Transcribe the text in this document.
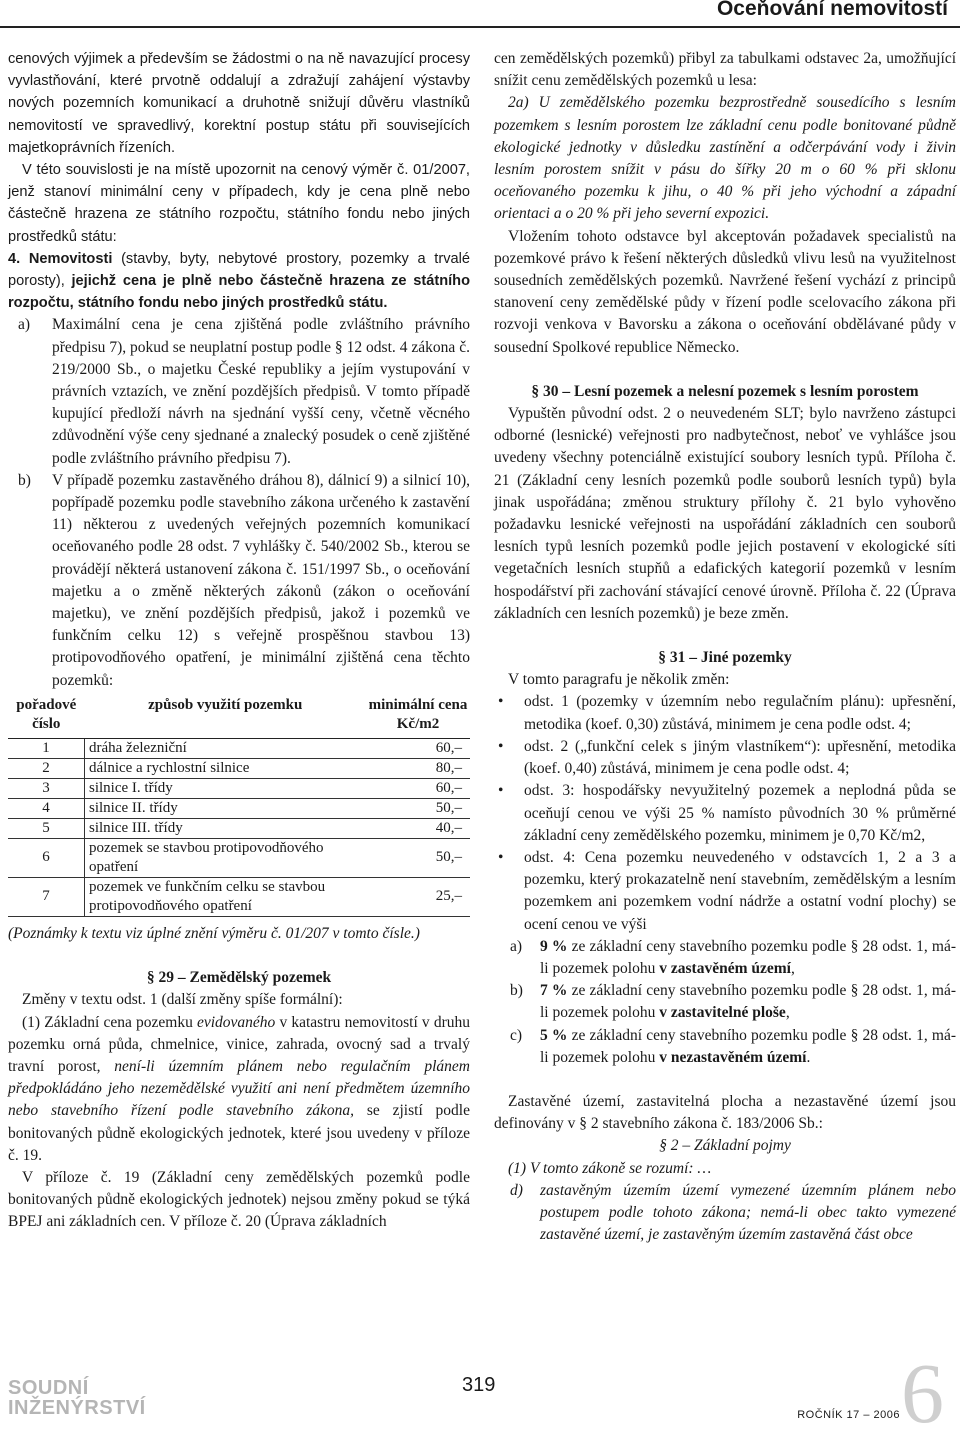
Oceňování nemovitostí

cenových výjimek a především se žádostmi o na ně navazující procesy vyvlastňování, které prvotně oddalují a zdražují zahájení výstavby nových pozemních komunikací a druhotně snižují důvěru vlastníků nemovitostí ve spravedlivý, korektní postup státu při souvisejících majetkoprávních řízeních.

V této souvislosti je na místě upozornit na cenový výměr č. 01/2007, jenž stanoví minimální ceny v případech, kdy je cena plně nebo částečně hrazena ze státního rozpočtu, státního fondu nebo jiných prostředků státu:

4. Nemovitosti (stavby, byty, nebytové prostory, pozemky a trvalé porosty), jejichž cena je plně nebo částečně hrazena ze státního rozpočtu, státního fondu nebo jiných prostředků státu.

a) Maximální cena je cena zjištěná podle zvláštního právního předpisu 7), pokud se neuplatní postup podle § 12 odst. 4 zákona č. 219/2000 Sb., o majetku České republiky a jejím vystupování v právních vztazích, ve znění pozdějších předpisů. V tomto případě kupující předloží návrh na sjednání vyšší ceny, včetně věcného zdůvodnění výše ceny sjednané a znalecký posudek o ceně zjištěné podle zvláštního právního předpisu 7).
b) V případě pozemku zastavěného dráhou 8), dálnicí 9) a silnicí 10), popřípadě pozemku podle stavebního zákona určeného k zastavění 11) některou z uvedených veřejných pozemních komunikací oceňovaného podle 28 odst. 7 vyhlášky č. 540/2002 Sb., kterou se provádějí některá ustanovení zákona č. 151/1997 Sb., o oceňování majetku a o změně některých zákonů (zákon o oceňování majetku), ve znění pozdějších předpisů, jakož i pozemků ve funkčním celku 12) s veřejně prospěšnou stavbou 13) protipovodňového opatření, je minimální zjištěná cena těchto pozemků:
pořadové číslo	způsob využití pozemku	minimální cena Kč/m2
1	dráha železniční	60,–
2	dálnice a rychlostní silnice	80,–
3	silnice I. třídy	60,–
4	silnice II. třídy	50,–
5	silnice III. třídy	40,–
6	pozemek se stavbou protipovodňového opatření	50,–
7	pozemek ve funkčním celku se stavbou protipovodňového opatření	25,–

(Poznámky k textu viz úplné znění výměru č. 01/207 v tomto čísle.)

§ 29 – Zemědělský pozemek

Změny v textu odst. 1 (další změny spíše formální):

(1) Základní cena pozemku evidovaného v katastru nemovitostí v druhu pozemku orná půda, chmelnice, vinice, zahrada, ovocný sad a trvalý travní porost, není-li územním plánem nebo regulačním plánem předpokládáno jeho nezemědělské využití ani není předmětem územního nebo stavebního řízení podle stavebního zákona, se zjistí podle bonitovaných půdně ekologických jednotek, které jsou uvedeny v příloze č. 19.

V příloze č. 19 (Základní ceny zemědělských pozemků podle bonitovaných půdně ekologických jednotek) nejsou změny pokud se týká BPEJ ani základních cen. V příloze č. 20 (Úprava základních

cen zemědělských pozemků) přibyl za tabulkami odstavec 2a, umožňující snížit cenu zemědělských pozemků u lesa:

2a) U zemědělského pozemku bezprostředně sousedícího s lesním pozemkem s lesním porostem lze základní cenu podle bonitované půdně ekologické jednotky v důsledku zastínění a odčerpávání vody i živin lesním porostem snížit v pásu do šířky 20 m o 60 % při sklonu oceňovaného pozemku k jihu, o 40 % při jeho východní a západní orientaci a o 20 % při jeho severní expozici.

Vložením tohoto odstavce byl akceptován požadavek specialistů na pozemkové právo k řešení některých důsledků vlivu lesů na využitelnost sousedních zemědělských pozemků. Navržené řešení vychází z principů stanovení ceny zemědělské půdy v řízení podle scelovacího zákona při rozvoji venkova v Bavorsku a zákona o oceňování obdělávané půdy v sousední Spolkové republice Německo.

§ 30 – Lesní pozemek a nelesní pozemek s lesním porostem

Vypuštěn původní odst. 2 o neuvedeném SLT; bylo navrženo zástupci odborné (lesnické) veřejnosti pro nadbytečnost, neboť ve vyhlášce jsou uvedeny všechny potenciálně existující soubory lesních typů. Příloha č. 21 (Základní ceny lesních pozemků podle souborů lesních typů) byla jinak uspořádána; změnou struktury přílohy č. 21 bylo vyhověno požadavku lesnické veřejnosti na uspořádání základních cen souborů lesních typů lesních pozemků podle jejich postavení v ekologické síti vegetačních lesních stupňů a edafických kategorií pozemků v lesním hospodářství při zachování stávající cenové úrovně. Příloha č. 22 (Úprava základních cen lesních pozemků) je beze změn.

§ 31 – Jiné pozemky

V tomto paragrafu je několik změn:

• odst. 1 (pozemky v územním nebo regulačním plánu): upřesnění, metodika (koef. 0,30) zůstává, minimem je cena podle odst. 4;
• odst. 2 („funkční celek s jiným vlastníkem“): upřesnění, metodika (koef. 0,40) zůstává, minimem je cena podle odst. 4;
• odst. 3: hospodářsky nevyužitelný pozemek a neplodná půda se oceňují cenou ve výši 25 % namísto původních 30 % průměrné základní ceny zemědělského pozemku, minimem je 0,70 Kč/m2,
• odst. 4: Cena pozemku neuvedeného v odstavcích 1, 2 a 3 a pozemku, který prokazatelně není stavebním, zemědělským a lesním pozemkem ani pozemkem vodní nádrže a ostatní vodní plochy) se ocení cenou ve výši
a) 9 % ze základní ceny stavebního pozemku podle § 28 odst. 1, má-li pozemek polohu v zastavěném území,
b) 7 % ze základní ceny stavebního pozemku podle § 28 odst. 1, má-li pozemek polohu v zastavitelné ploše,
c) 5 % ze základní ceny stavebního pozemku podle § 28 odst. 1, má-li pozemek polohu v nezastavěném území.

Zastavěné území, zastavitelná plocha a nezastavěné území jsou definovány v § 2 stavebního zákona č. 183/2006 Sb.:

§ 2 – Základní pojmy

(1) V tomto zákoně se rozumí: …

d) zastavěným územím území vymezené územním plánem nebo postupem podle tohoto zákona; nemá-li obec takto vymezené zastavěné území, je zastavěným územím zastavěná část obce
SOUDNÍ
INŽENÝRSTVÍ
319	6
ROČNÍK 17 – 2006
